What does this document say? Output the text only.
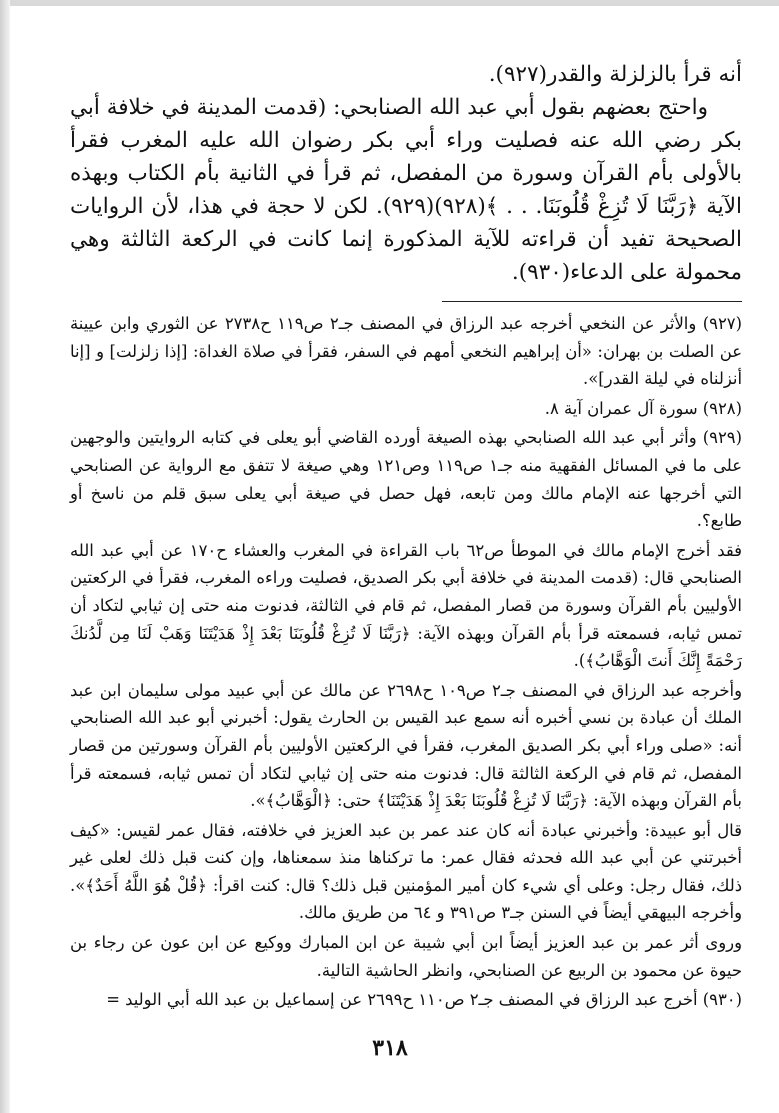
أنه قرأ بالزلزلة والقدر(٩٢٧).

واحتج بعضهم بقول أبي عبد الله الصنابحي: (قدمت المدينة في خلافة أبي بكر رضي الله عنه فصليت وراء أبي بكر رضوان الله عليه المغرب فقرأ بالأولى بأم القرآن وسورة من المفصل، ثم قرأ في الثانية بأم الكتاب وبهذه الآية ﴿رَبَّنَا لَا تُزِغْ قُلُوبَنَا. . . ﴾(٩٢٨)(٩٢٩). لكن لا حجة في هذا، لأن الروايات الصحيحة تفيد أن قراءته للآية المذكورة إنما كانت في الركعة الثالثة وهي محمولة على الدعاء(٩٣٠).

(٩٢٧) والأثر عن النخعي أخرجه عبد الرزاق في المصنف جـ٢ ص١١٩ ح٢٧٣٨ عن الثوري وابن عيينة عن الصلت بن بهران: «أن إبراهيم النخعي أمهم في السفر، فقرأ في صلاة الغداة: [إذا زلزلت] و [إنا أنزلناه في ليلة القدر]».

(٩٢٨) سورة آل عمران آية ٨.

(٩٢٩) وأثر أبي عبد الله الصنابحي بهذه الصيغة أورده القاضي أبو يعلى في كتابه الروايتين والوجهين على ما في المسائل الفقهية منه جـ١ ص١١٩ وص١٢١ وهي صيغة لا تتفق مع الرواية عن الصنابحي التي أخرجها عنه الإمام مالك ومن تابعه، فهل حصل في صيغة أبي يعلى سبق قلم من ناسخ أو طابع؟.

فقد أخرج الإمام مالك في الموطأ ص٦٢ باب القراءة في المغرب والعشاء ح١٧٠ عن أبي عبد الله الصنابحي قال: (قدمت المدينة في خلافة أبي بكر الصديق، فصليت وراءه المغرب، فقرأ في الركعتين الأوليين بأم القرآن وسورة من قصار المفصل، ثم قام في الثالثة، فدنوت منه حتى إن ثيابي لتكاد أن تمس ثيابه، فسمعته قرأ بأم القرآن وبهذه الآية: ﴿رَبَّنَا لَا تُزِغْ قُلُوبَنَا بَعْدَ إِذْ هَدَيْتَنَا وَهَبْ لَنَا مِن لَّدُنكَ رَحْمَةً إِنَّكَ أَنتَ الْوَهَّابُ﴾).

وأخرجه عبد الرزاق في المصنف جـ٢ ص١٠٩ ح٢٦٩٨ عن مالك عن أبي عبيد مولى سليمان ابن عبد الملك أن عبادة بن نسي أخبره أنه سمع عبد القيس بن الحارث يقول: أخبرني أبو عبد الله الصنابحي أنه: «صلى وراء أبي بكر الصديق المغرب، فقرأ في الركعتين الأوليين بأم القرآن وسورتين من قصار المفصل، ثم قام في الركعة الثالثة قال: فدنوت منه حتى إن ثيابي لتكاد أن تمس ثيابه، فسمعته قرأ بأم القرآن وبهذه الآية: ﴿رَبَّنَا لَا تُزِغْ قُلُوبَنَا بَعْدَ إِذْ هَدَيْتَنَا﴾ حتى: ﴿الْوَهَّابُ﴾».

قال أبو عبيدة: وأخبرني عبادة أنه كان عند عمر بن عبد العزيز في خلافته، فقال عمر لقيس: «كيف أخبرتني عن أبي عبد الله فحدثه فقال عمر: ما تركناها منذ سمعناها، وإن كنت قبل ذلك لعلى غير ذلك، فقال رجل: وعلى أي شيء كان أمير المؤمنين قبل ذلك؟ قال: كنت اقرأ: ﴿قُلْ هُوَ اللَّهُ أَحَدٌ﴾». وأخرجه البيهقي أيضاً في السنن جـ٣ ص٣٩١ و ٦٤ من طريق مالك.

وروى أثر عمر بن عبد العزيز أيضاً ابن أبي شيبة عن ابن المبارك ووكيع عن ابن عون عن رجاء بن حيوة عن محمود بن الربيع عن الصنابحي، وانظر الحاشية التالية.

(٩٣٠) أخرج عبد الرزاق في المصنف جـ٢ ص١١٠ ح٢٦٩٩ عن إسماعيل بن عبد الله أبي الوليد =

٣١٨
